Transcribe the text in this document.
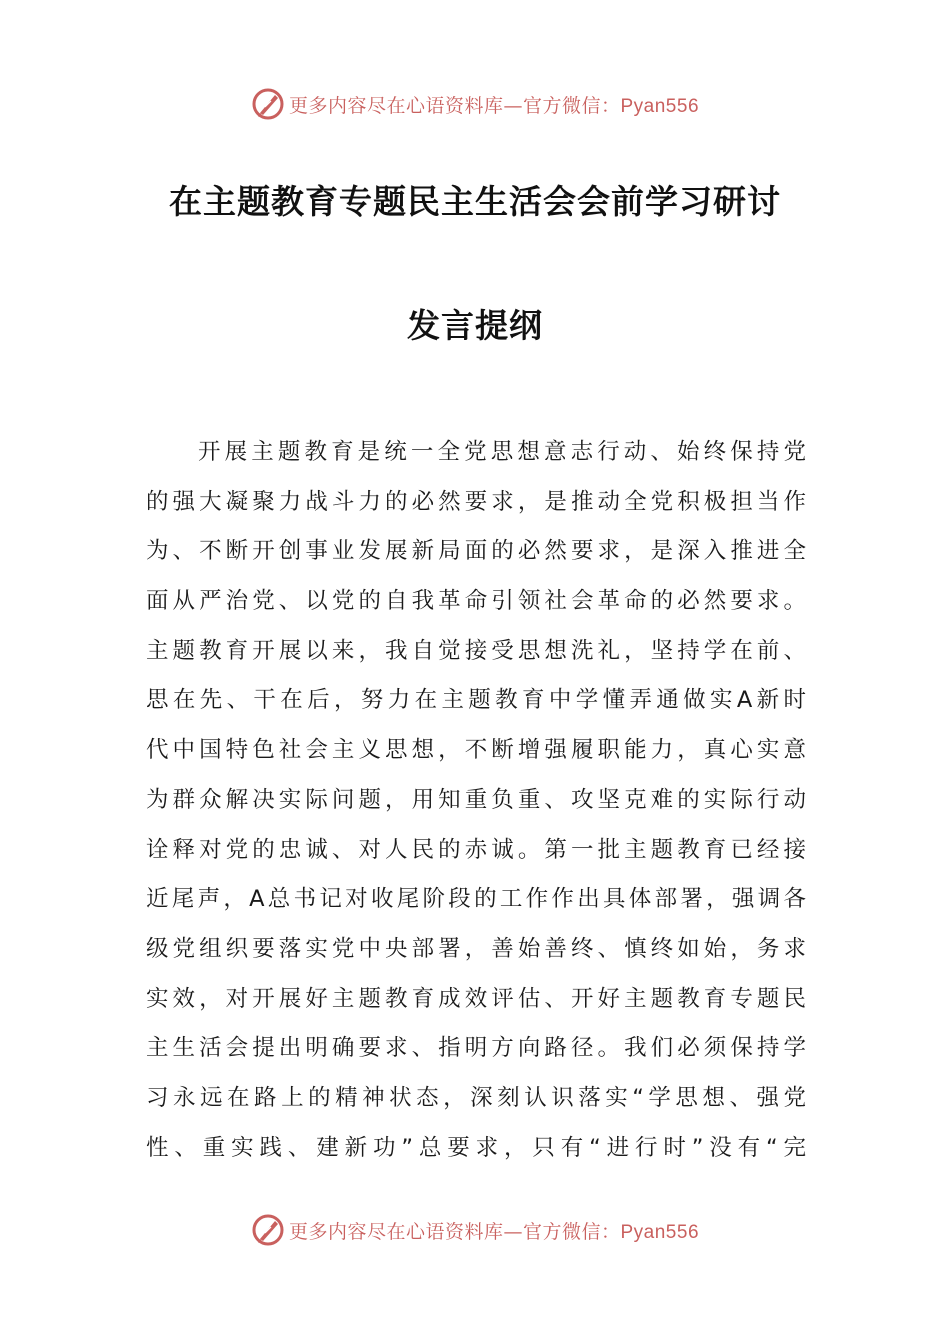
更多内容尽在心语资料库—官方微信：Pyan556
在主题教育专题民主生活会会前学习研讨
发言提纲
开展主题教育是统一全党思想意志行动、始终保持党
的强大凝聚力战斗力的必然要求，是推动全党积极担当作
为、不断开创事业发展新局面的必然要求，是深入推进全
面从严治党、以党的自我革命引领社会革命的必然要求。
主题教育开展以来，我自觉接受思想洗礼，坚持学在前、
思在先、干在后，努力在主题教育中学懂弄通做实A新时
代中国特色社会主义思想，不断增强履职能力，真心实意
为群众解决实际问题，用知重负重、攻坚克难的实际行动
诠释对党的忠诚、对人民的赤诚。第一批主题教育已经接
近尾声，A总书记对收尾阶段的工作作出具体部署，强调各
级党组织要落实党中央部署，善始善终、慎终如始，务求
实效，对开展好主题教育成效评估、开好主题教育专题民
主生活会提出明确要求、指明方向路径。我们必须保持学
习永远在路上的精神状态，深刻认识落实“学思想、强党
性、重实践、建新功”总要求，只有“进行时”没有“完
更多内容尽在心语资料库—官方微信：Pyan556
